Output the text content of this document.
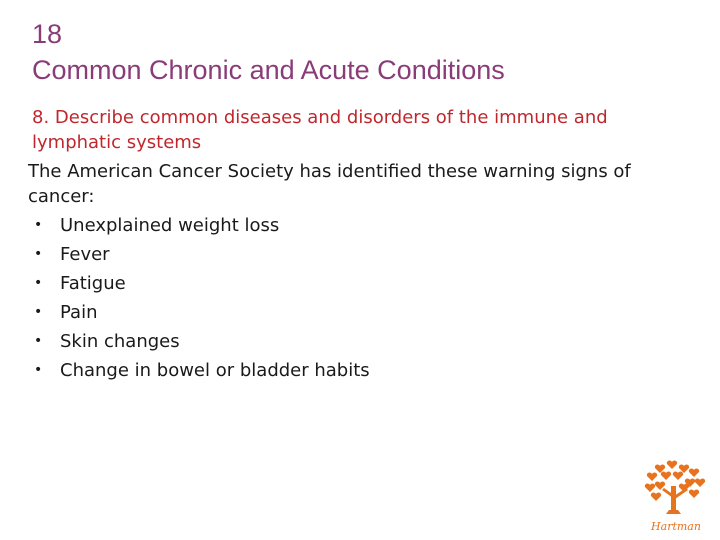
18
Common Chronic and Acute Conditions
8. Describe common diseases and disorders of the immune and lymphatic systems
The American Cancer Society has identified these warning signs of cancer:
• Unexplained weight loss
• Fever
• Fatigue
• Pain
• Skin changes
• Change in bowel or bladder habits
Hartman
